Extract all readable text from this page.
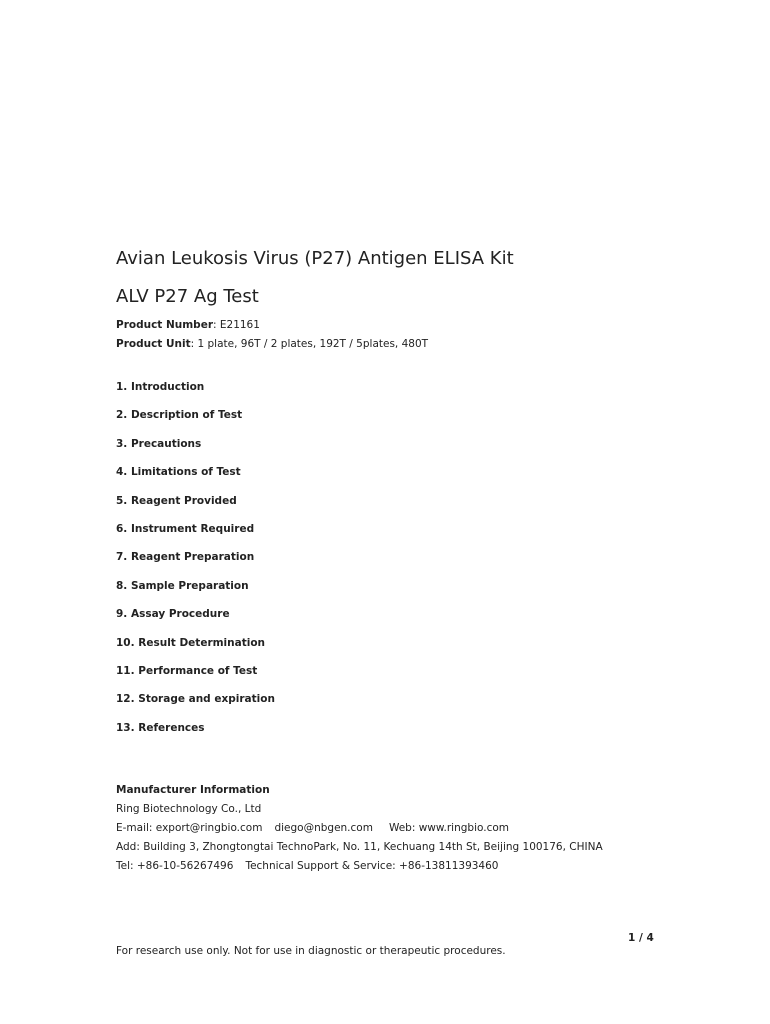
Avian Leukosis Virus (P27) Antigen ELISA Kit
ALV P27 Ag Test
Product Number: E21161
Product Unit: 1 plate, 96T / 2 plates, 192T / 5plates, 480T
1. Introduction
2. Description of Test
3. Precautions
4. Limitations of Test
5. Reagent Provided
6. Instrument Required
7. Reagent Preparation
8. Sample Preparation
9. Assay Procedure
10. Result Determination
11. Performance of Test
12. Storage and expiration
13. References
Manufacturer Information
Ring Biotechnology Co., Ltd
E-mail: export@ringbio.com diego@nbgen.com Web: www.ringbio.com
Add: Building 3, Zhongtongtai TechnoPark, No. 11, Kechuang 14th St, Beijing 100176, CHINA
Tel: +86-10-56267496 Technical Support & Service: +86-13811393460
1 / 4
For research use only. Not for use in diagnostic or therapeutic procedures.
